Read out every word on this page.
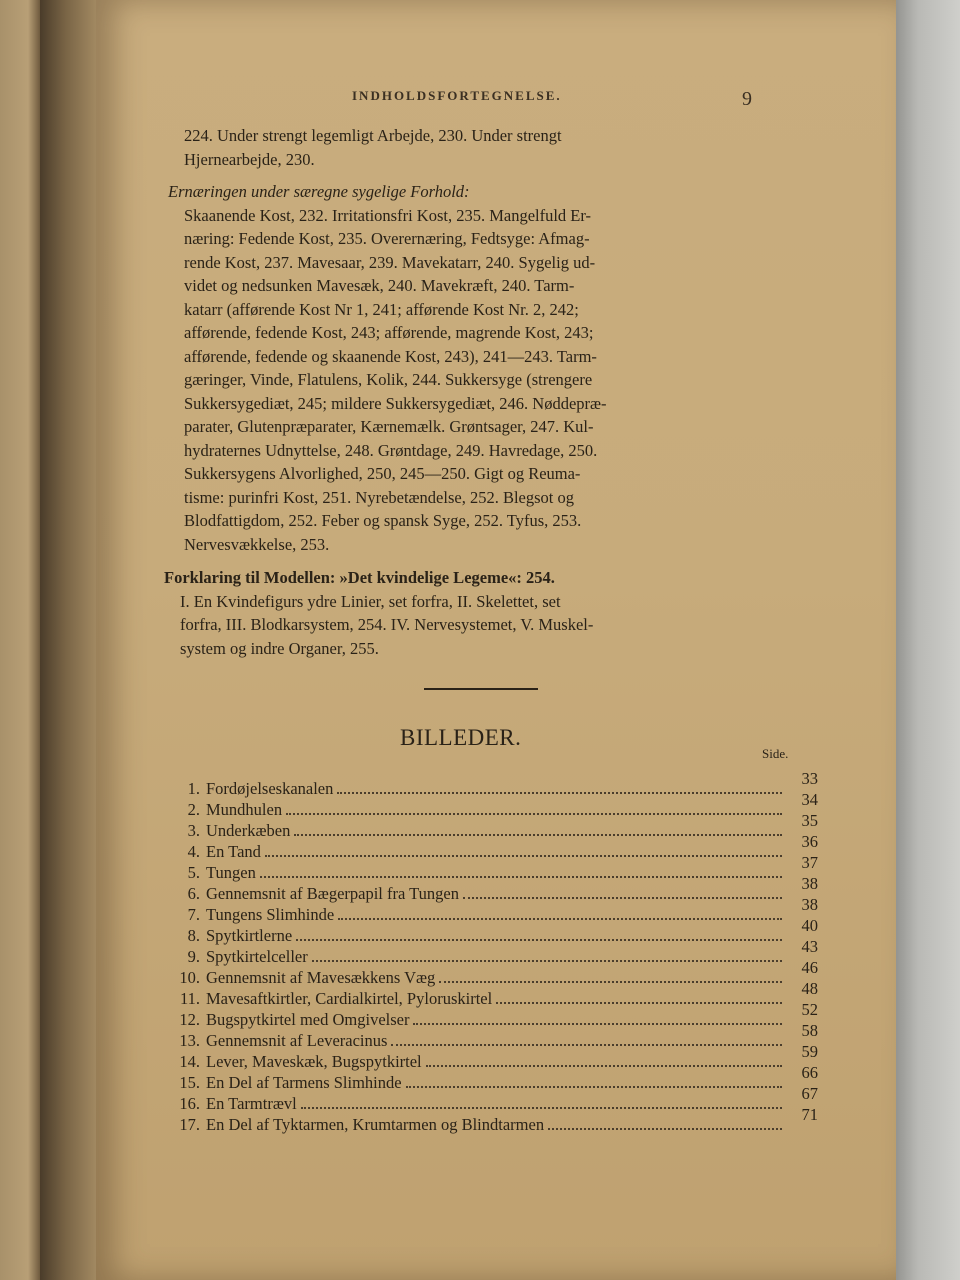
INDHOLDSFORTEGNELSE.	9
224. Under strengt legemligt Arbejde, 230. Under strengt
Hjernearbejde, 230.
Ernæringen under særegne sygelige Forhold:
Skaanende Kost, 232. Irritationsfri Kost, 235. Mangelfuld Er-
næring: Fedende Kost, 235. Overernæring, Fedtsyge: Afmag-
rende Kost, 237. Mavesaar, 239. Mavekatarr, 240. Sygelig ud-
videt og nedsunken Mavesæk, 240. Mavekræft, 240. Tarm-
katarr (afførende Kost Nr 1, 241; afførende Kost Nr. 2, 242;
afførende, fedende Kost, 243; afførende, magrende Kost, 243;
afførende, fedende og skaanende Kost, 243), 241—243. Tarm-
gæringer, Vinde, Flatulens, Kolik, 244. Sukkersyge (strengere
Sukkersygediæt, 245; mildere Sukkersygediæt, 246. Nøddepræ-
parater, Glutenpræparater, Kærnemælk. Grøntsager, 247. Kul-
hydraternes Udnyttelse, 248. Grøntdage, 249. Havredage, 250.
Sukkersygens Alvorlighed, 250, 245—250. Gigt og Reuma-
tisme: purinfri Kost, 251. Nyrebetændelse, 252. Blegsot og
Blodfattigdom, 252. Feber og spansk Syge, 252. Tyfus, 253.
Nervesvækkelse, 253.
Forklaring til Modellen: »Det kvindelige Legeme«: 254.
I. En Kvindefigurs ydre Linier, set forfra, II. Skelettet, set
forfra, III. Blodkarsystem, 254. IV. Nervesystemet, V. Muskel-
system og indre Organer, 255.
BILLEDER.
Side.
1. Fordøjelseskanalen
33
2. Mundhulen
34
3. Underkæben
35
4. En Tand
36
5. Tungen
37
6. Gennemsnit af Bægerpapil fra Tungen
38
7. Tungens Slimhinde
38
8. Spytkirtlerne
40
9. Spytkirtelceller
43
10. Gennemsnit af Mavesækkens Væg
46
11. Mavesaftkirtler, Cardialkirtel, Pyloruskirtel
48
12. Bugspytkirtel med Omgivelser
52
13. Gennemsnit af Leveracinus
58
14. Lever, Maveskæk, Bugspytkirtel
59
15. En Del af Tarmens Slimhinde
66
16. En Tarmtrævl
67
17. En Del af Tyktarmen, Krumtarmen og Blindtarmen
71
